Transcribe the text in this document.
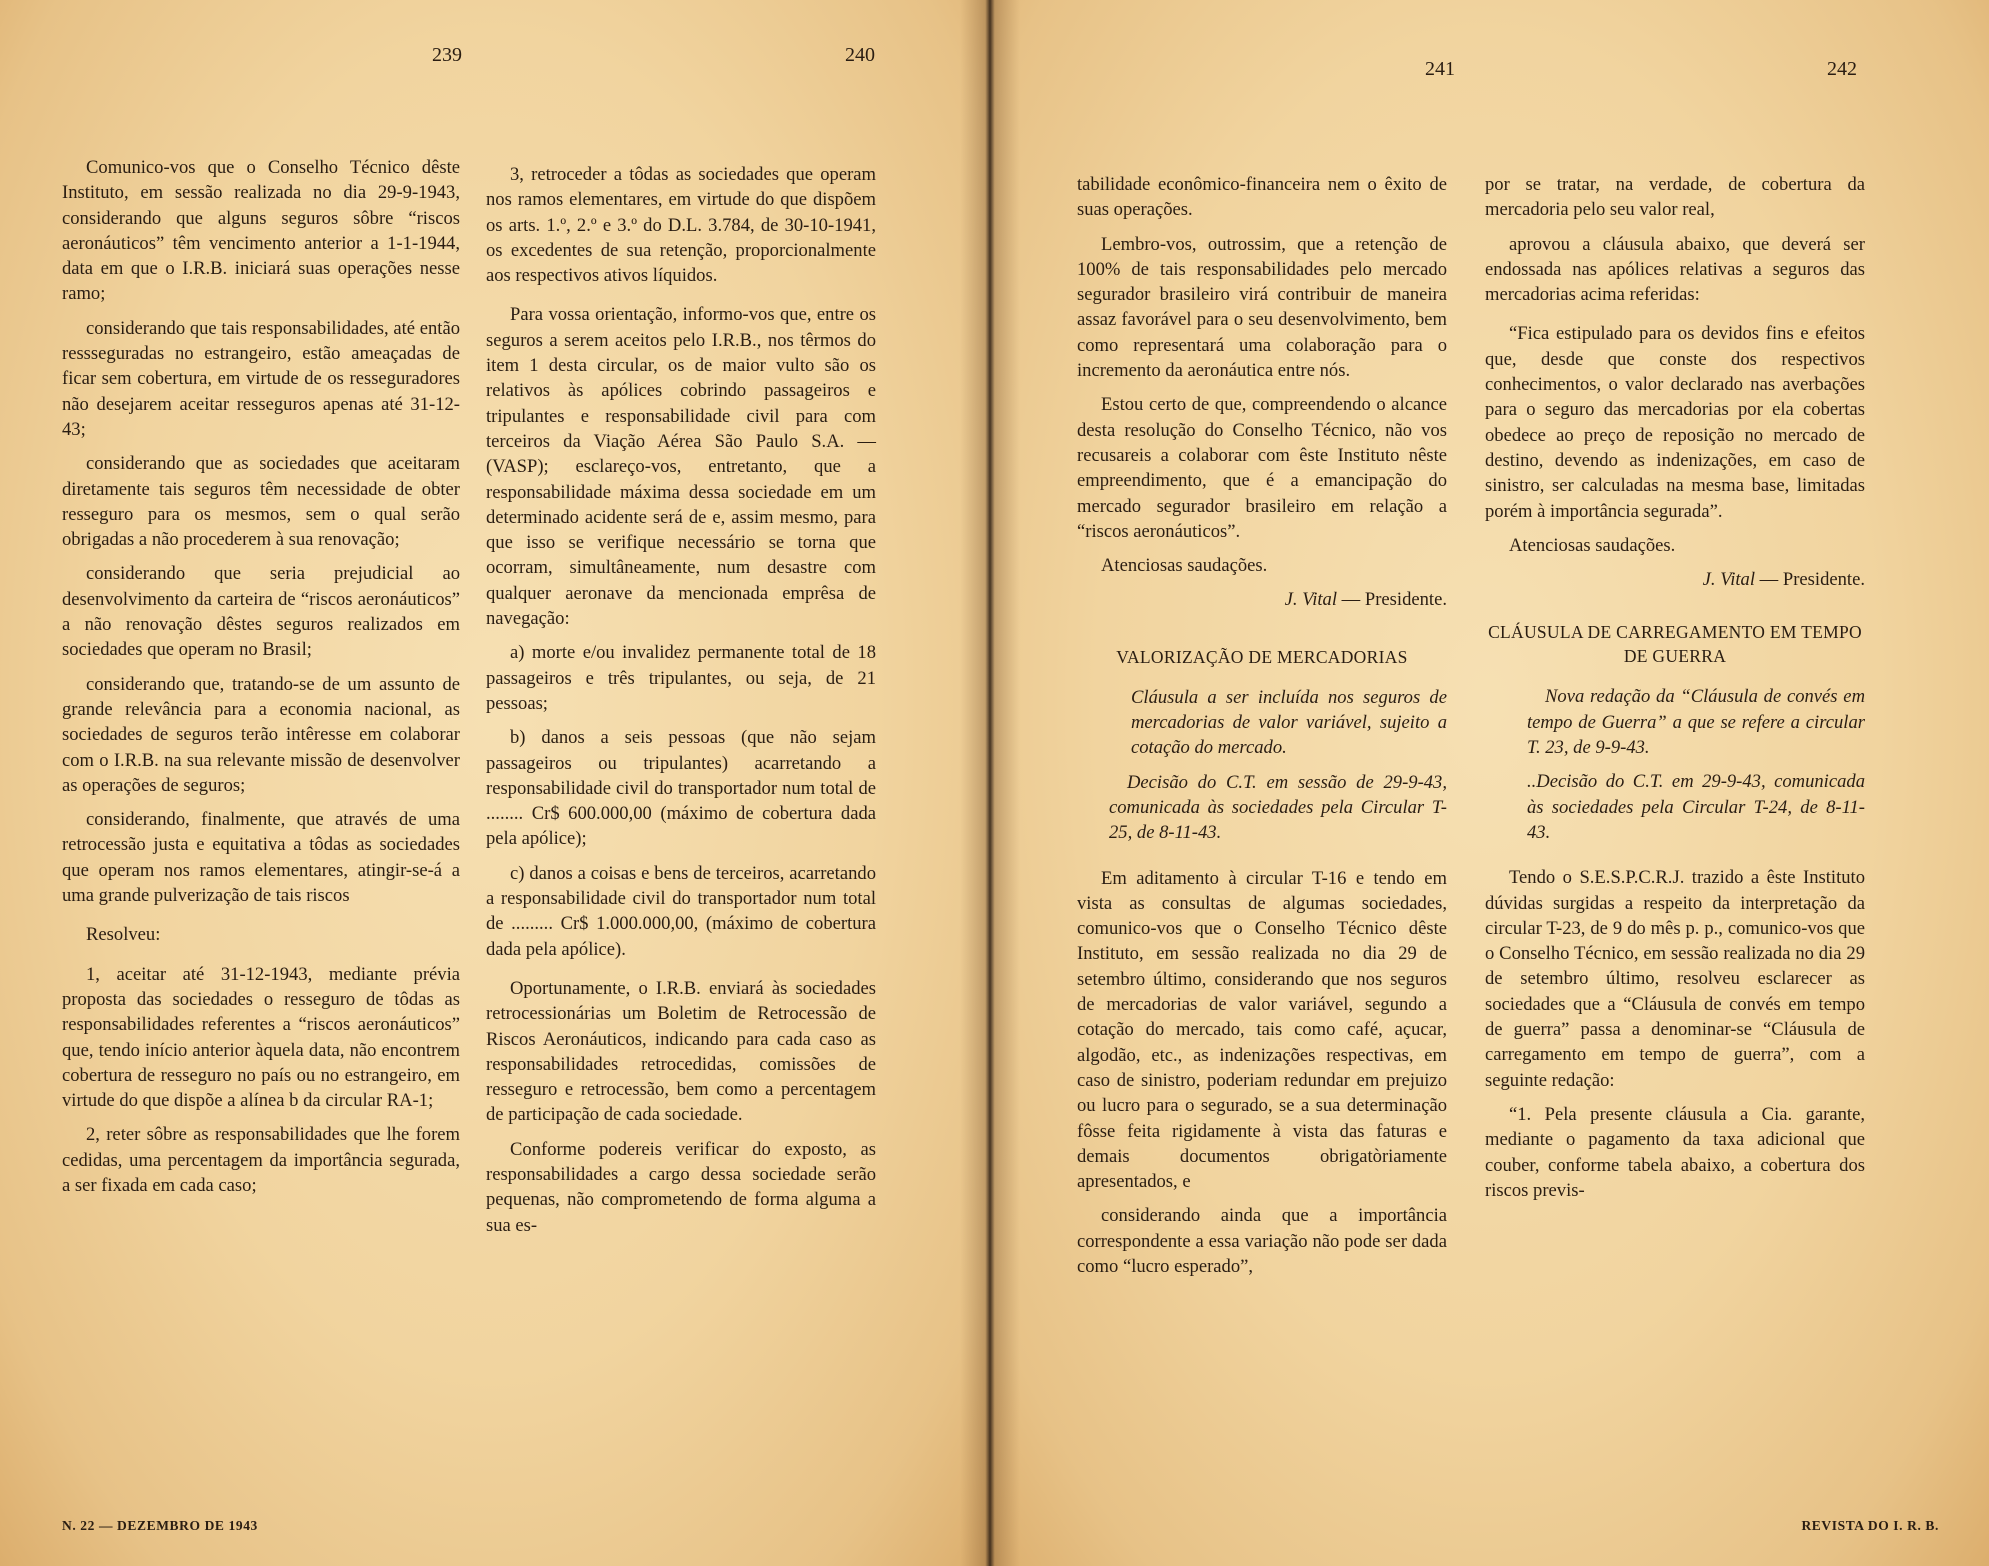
239	240

Comunico-vos que o Conselho Técnico dêste Instituto, em sessão realizada no dia 29-9-1943, considerando que alguns seguros sôbre “riscos aeronáuticos” têm vencimento anterior a 1-1-1944, data em que o I.R.B. iniciará suas operações nesse ramo;

considerando que tais responsabilidades, até então ressseguradas no estrangeiro, estão ameaçadas de ficar sem cobertura, em virtude de os resseguradores não desejarem aceitar resseguros apenas até 31-12-43;

considerando que as sociedades que aceitaram diretamente tais seguros têm necessidade de obter resseguro para os mesmos, sem o qual serão obrigadas a não procederem à sua renovação;

considerando que seria prejudicial ao desenvolvimento da carteira de “riscos aeronáuticos” a não renovação dêstes seguros realizados em sociedades que operam no Brasil;

considerando que, tratando-se de um assunto de grande relevância para a economia nacional, as sociedades de seguros terão intêresse em colaborar com o I.R.B. na sua relevante missão de desenvolver as operações de seguros;

considerando, finalmente, que através de uma retrocessão justa e equitativa a tôdas as sociedades que operam nos ramos elementares, atingir-se-á a uma grande pulverização de tais riscos

Resolveu:

1, aceitar até 31-12-1943, mediante prévia proposta das sociedades o resseguro de tôdas as responsabilidades referentes a “riscos aeronáuticos” que, tendo início anterior àquela data, não encontrem cobertura de resseguro no país ou no estrangeiro, em virtude do que dispõe a alínea b da circular RA-1;

2, reter sôbre as responsabilidades que lhe forem cedidas, uma percentagem da importância segurada, a ser fixada em cada caso;

3, retroceder a tôdas as sociedades que operam nos ramos elementares, em virtude do que dispõem os arts. 1.º, 2.º e 3.º do D.L. 3.784, de 30-10-1941, os excedentes de sua retenção, proporcionalmente aos respectivos ativos líquidos.

Para vossa orientação, informo-vos que, entre os seguros a serem aceitos pelo I.R.B., nos têrmos do item 1 desta circular, os de maior vulto são os relativos às apólices cobrindo passageiros e tripulantes e responsabilidade civil para com terceiros da Viação Aérea São Paulo S.A. — (VASP); esclareço-vos, entretanto, que a responsabilidade máxima dessa sociedade em um determinado acidente será de e, assim mesmo, para que isso se verifique necessário se torna que ocorram, simultâneamente, num desastre com qualquer aeronave da mencionada emprêsa de navegação:

a) morte e/ou invalidez permanente total de 18 passageiros e três tripulantes, ou seja, de 21 pessoas;

b) danos a seis pessoas (que não sejam passageiros ou tripulantes) acarretando a responsabilidade civil do transportador num total de ........ Cr$ 600.000,00 (máximo de cobertura dada pela apólice);

c) danos a coisas e bens de terceiros, acarretando a responsabilidade civil do transportador num total de ......... Cr$ 1.000.000,00, (máximo de cobertura dada pela apólice).

Oportunamente, o I.R.B. enviará às sociedades retrocessionárias um Boletim de Retrocessão de Riscos Aeronáuticos, indicando para cada caso as responsabilidades retrocedidas, comissões de resseguro e retrocessão, bem como a percentagem de participação de cada sociedade.

Conforme podereis verificar do exposto, as responsabilidades a cargo dessa sociedade serão pequenas, não comprometendo de forma alguma a sua es-

N. 22 — DEZEMBRO DE 1943
241	242

tabilidade econômico-financeira nem o êxito de suas operações.

Lembro-vos, outrossim, que a retenção de 100% de tais responsabilidades pelo mercado segurador brasileiro virá contribuir de maneira assaz favorável para o seu desenvolvimento, bem como representará uma colaboração para o incremento da aeronáutica entre nós.

Estou certo de que, compreendendo o alcance desta resolução do Conselho Técnico, não vos recusareis a colaborar com êste Instituto nêste empreendimento, que é a emancipação do mercado segurador brasileiro em relação a “riscos aeronáuticos”.

Atenciosas saudações.

J. Vital — Presidente.

VALORIZAÇÃO DE MERCADORIAS

Cláusula a ser incluída nos seguros de mercadorias de valor variável, sujeito a cotação do mercado.

Decisão do C.T. em sessão de 29-9-43, comunicada às sociedades pela Circular T-25, de 8-11-43.

Em aditamento à circular T-16 e tendo em vista as consultas de algumas sociedades, comunico-vos que o Conselho Técnico dêste Instituto, em sessão realizada no dia 29 de setembro último, considerando que nos seguros de mercadorias de valor variável, segundo a cotação do mercado, tais como café, açucar, algodão, etc., as indenizações respectivas, em caso de sinistro, poderiam redundar em prejuizo ou lucro para o segurado, se a sua determinação fôsse feita rigidamente à vista das faturas e demais documentos obrigatòriamente apresentados, e

considerando ainda que a importância correspondente a essa variação não pode ser dada como “lucro esperado”,

por se tratar, na verdade, de cobertura da mercadoria pelo seu valor real,

aprovou a cláusula abaixo, que deverá ser endossada nas apólices relativas a seguros das mercadorias acima referidas:

“Fica estipulado para os devidos fins e efeitos que, desde que conste dos respectivos conhecimentos, o valor declarado nas averbações para o seguro das mercadorias por ela cobertas obedece ao preço de reposição no mercado de destino, devendo as indenizações, em caso de sinistro, ser calculadas na mesma base, limitadas porém à importância segurada”.

Atenciosas saudações.

J. Vital — Presidente.

CLÁUSULA DE CARREGAMENTO EM TEMPO DE GUERRA

Nova redação da “Cláusula de convés em tempo de Guerra” a que se refere a circular T. 23, de 9-9-43.

..Decisão do C.T. em 29-9-43, comunicada às sociedades pela Circular T-24, de 8-11-43.

Tendo o S.E.S.P.C.R.J. trazido a êste Instituto dúvidas surgidas a respeito da interpretação da circular T-23, de 9 do mês p. p., comunico-vos que o Conselho Técnico, em sessão realizada no dia 29 de setembro último, resolveu esclarecer as sociedades que a “Cláusula de convés em tempo de guerra” passa a denominar-se “Cláusula de carregamento em tempo de guerra”, com a seguinte redação:

“1. Pela presente cláusula a Cia. garante, mediante o pagamento da taxa adicional que couber, conforme tabela abaixo, a cobertura dos riscos previs-

REVISTA DO I. R. B.
